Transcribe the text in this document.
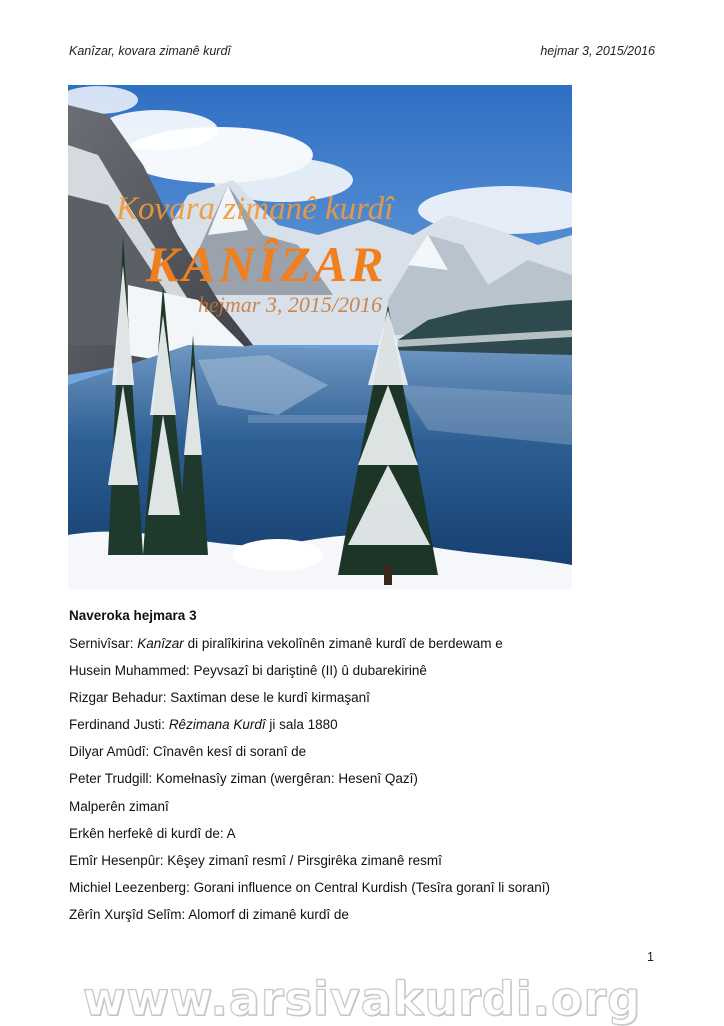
Kanîzar, kovara zimanê kurdî	hejmar 3, 2015/2016
Kovara zimanê kurdî
KANÎZAR
hejmar 3, 2015/2016
Naveroka hejmara 3
Sernivîsar: Kanîzar di piralîkirina vekolînên zimanê kurdî de berdewam e
Husein Muhammed: Peyvsazî bi dariştinê (II) û dubarekirinê
Rizgar Behadur: Saxtiman dese le kurdî kirmaşanî
Ferdinand Justi: Rêzimana Kurdî ji sala 1880
Dilyar Amûdî: Cînavên kesî di soranî de
Peter Trudgill: Komełnasîy ziman (wergêran: Hesenî Qazî)
Malperên zimanî
Erkên herfekê di kurdî de: A
Emîr Hesenpûr: Kêşey zimanî resmî / Pirsgirêka zimanê resmî
Michiel Leezenberg: Gorani influence on Central Kurdish (Tesîra goranî li soranî)
Zêrîn Xurşîd Selîm: Alomorf di zimanê kurdî de
1
www.arsivakurdi.org
